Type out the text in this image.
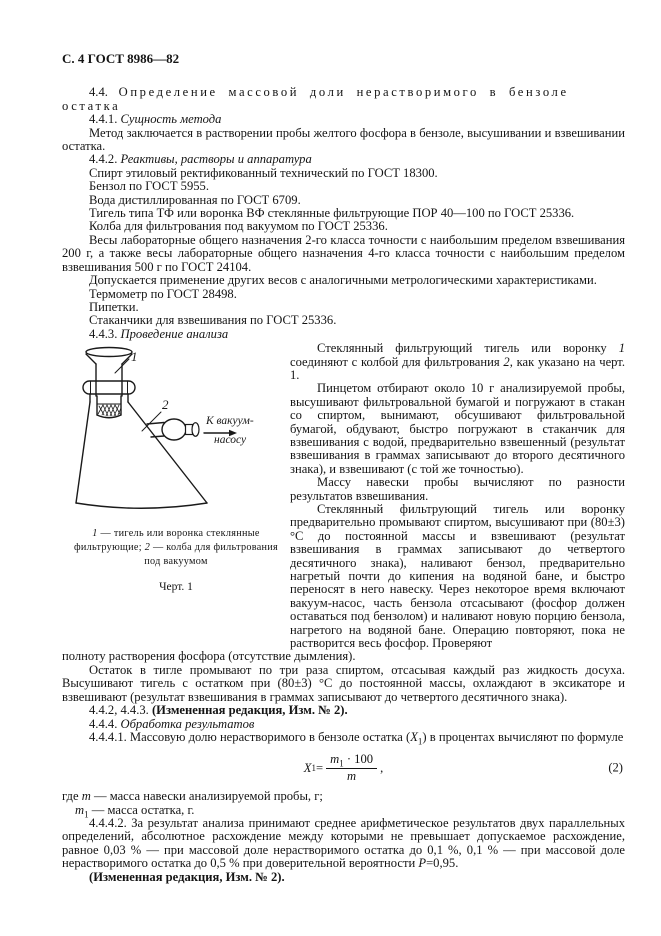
С. 4 ГОСТ 8986—82

4.4. Определение массовой доли нерастворимого в бензоле

остатка

4.4.1. Сущность метода

Метод заключается в растворении пробы желтого фосфора в бензоле, высушивании и взвешивании остатка.

4.4.2. Реактивы, растворы и аппаратура

Спирт этиловый ректификованный технический по ГОСТ 18300.

Бензол по ГОСТ 5955.

Вода дистиллированная по ГОСТ 6709.

Тигель типа ТФ или воронка ВФ стеклянные фильтрующие ПОР 40—100 по ГОСТ 25336.

Колба для фильтрования под вакуумом по ГОСТ 25336.

Весы лабораторные общего назначения 2-го класса точности с наибольшим пределом взвешивания 200 г, а также весы лабораторные общего назначения 4-го класса точности с наибольшим пределом взвешивания 500 г по ГОСТ 24104.

Допускается применение других весов с аналогичными метрологическими характеристиками.

Термометр по ГОСТ 28498.

Пипетки.

Стаканчики для взвешивания по ГОСТ 25336.

4.4.3. Проведение анализа

1
2
К вакуум-
насосу

1 — тигель или воронка стеклянные фильтрующие; 2 — колба для фильтрования под вакуумом

Черт. 1

Стеклянный фильтрующий тигель или воронку 1 соединяют с колбой для фильтрования 2, как указано на черт. 1.

Пинцетом отбирают около 10 г анализируемой пробы, высушивают фильтровальной бумагой и погружают в стакан со спиртом, вынимают, обсушивают фильтровальной бумагой, обдувают, быстро погружают в стаканчик для взвешивания с водой, предварительно взвешенный (результат взвешивания в граммах записывают до второго десятичного знака), и взвешивают (с той же точностью).

Массу навески пробы вычисляют по разности результатов взвешивания.

Стеклянный фильтрующий тигель или воронку предварительно промывают спиртом, высушивают при (80±3) °С до постоянной массы и взвешивают (результат взвешивания в граммах записывают до четвертого десятичного знака), наливают бензол, предварительно нагретый почти до кипения на водяной бане, и быстро переносят в него навеску. Через некоторое время включают вакуум-насос, часть бензола отсасывают (фосфор должен оставаться под бензолом) и наливают новую порцию бензола, нагретого на водяной бане. Операцию повторяют, пока не растворится весь фосфор. Проверяют

полноту растворения фосфора (отсутствие дымления).

Остаток в тигле промывают по три раза спиртом, отсасывая каждый раз жидкость досуха. Высушивают тигель с остатком при (80±3) °С до постоянной массы, охлаждают в эксикаторе и взвешивают (результат взвешивания в граммах записывают до четвертого десятичного знака).

4.4.2, 4.4.3. (Измененная редакция, Изм. № 2).

4.4.4. Обработка результатов

4.4.4.1. Массовую долю нерастворимого в бензоле остатка $(X_1)$ в процентах вычисляют по формуле

X $1 = \frac{m_1 \cdot 100}{m}$ ,	(2)

где m — масса навески анализируемой пробы, г;

$m_1$ — масса остатка, г.

4.4.4.2. За результат анализа принимают среднее арифметическое результатов двух параллельных определений, абсолютное расхождение между которыми не превышает допускаемое расхождение, равное 0,03 % — при массовой доле нерастворимого остатка до 0,1 %, 0,1 % — при массовой доле нерастворимого остатка до 0,5 % при доверительной вероятности Р=0,95.

(Измененная редакция, Изм. № 2).
